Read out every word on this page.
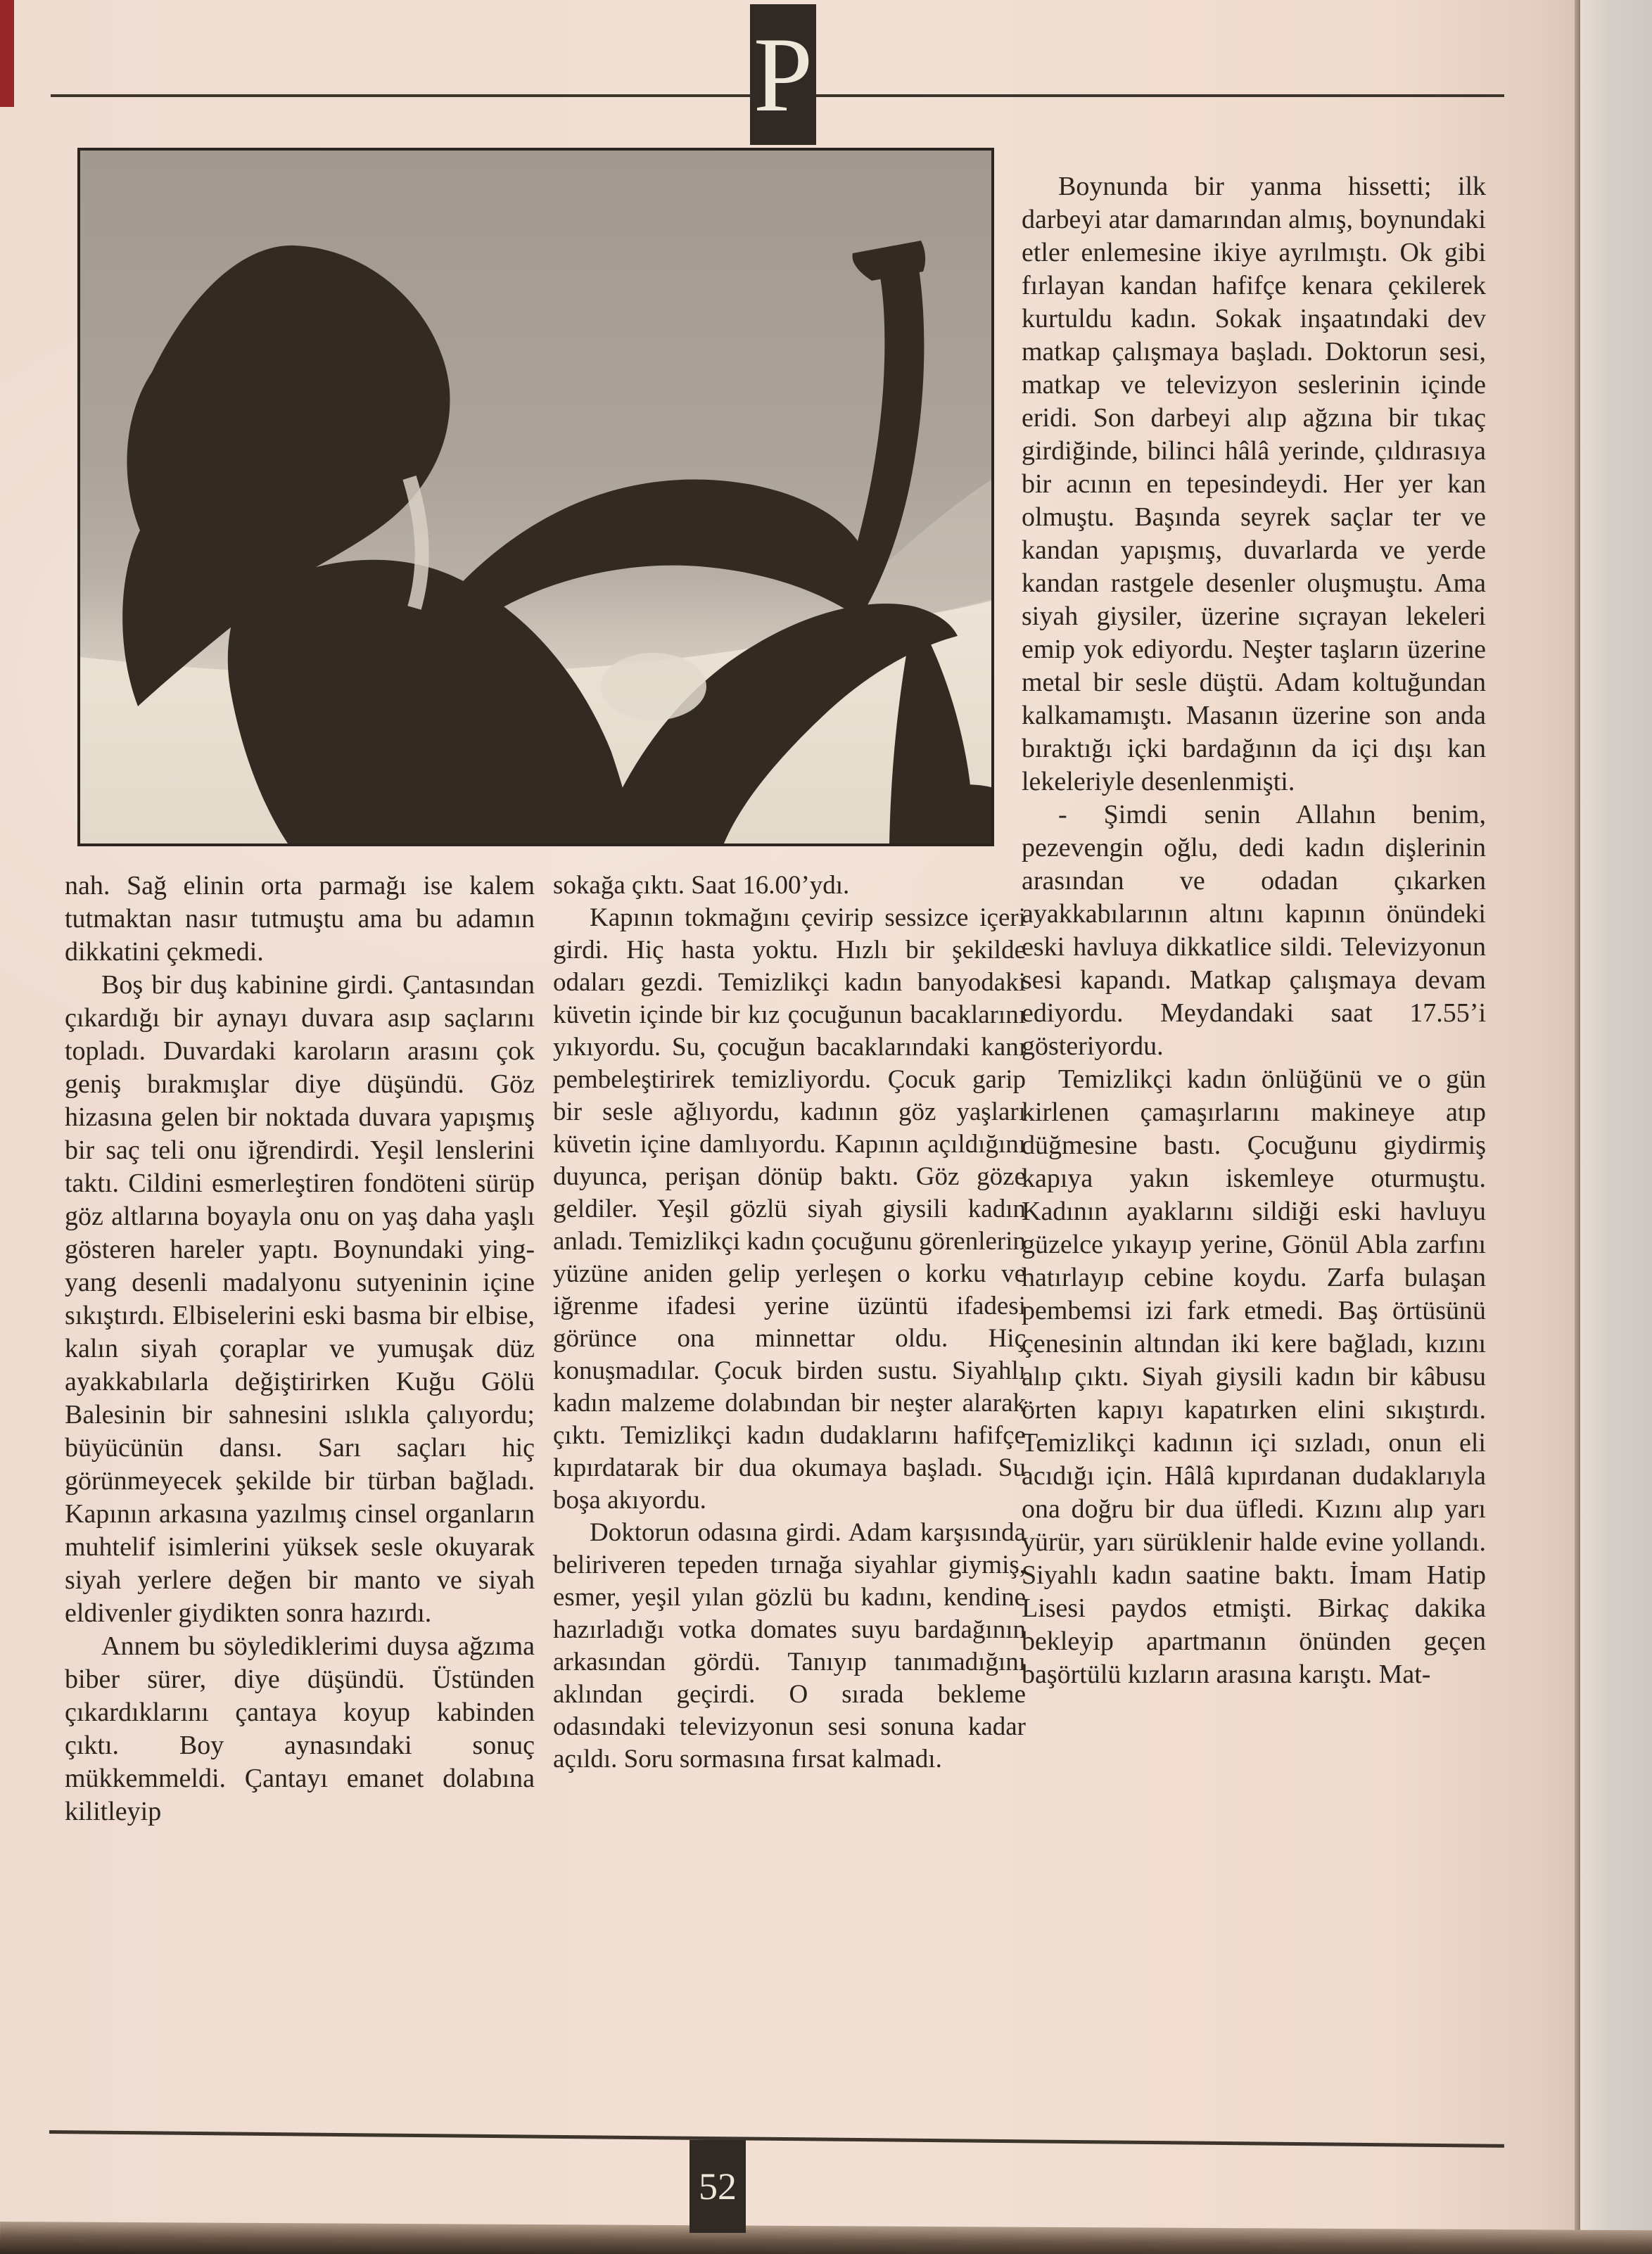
P

nah. Sağ elinin orta parmağı ise kalem tutmaktan nasır tutmuştu ama bu adamın dikkatini çekmedi.

Boş bir duş kabinine girdi. Çantasından çıkardığı bir aynayı duvara asıp saçlarını topladı. Duvardaki karoların arasını çok geniş bırakmışlar diye düşündü. Göz hizasına gelen bir noktada duvara yapışmış bir saç teli onu iğrendirdi. Yeşil lenslerini taktı. Cildini esmerleştiren fondöteni sürüp göz altlarına boyayla onu on yaş daha yaşlı gösteren hareler yaptı. Boynundaki ying-yang desenli madalyonu sutyeninin içine sıkıştırdı. Elbiselerini eski basma bir elbise, kalın siyah çoraplar ve yumuşak düz ayakkabılarla değiştirirken Kuğu Gölü Balesinin bir sahnesini ıslıkla çalıyordu; büyücünün dansı. Sarı saçları hiç görünmeyecek şekilde bir türban bağladı. Kapının arkasına yazılmış cinsel organların muhtelif isimlerini yüksek sesle okuyarak siyah yerlere değen bir manto ve siyah eldivenler giydikten sonra hazırdı.

Annem bu söylediklerimi duysa ağzıma biber sürer, diye düşündü. Üstünden çıkardıklarını çantaya koyup kabinden çıktı. Boy aynasındaki sonuç mükkemmeldi. Çantayı emanet dolabına kilitleyip

sokağa çıktı. Saat 16.00’ydı.

Kapının tokmağını çevirip sessizce içeri girdi. Hiç hasta yoktu. Hızlı bir şekilde odaları gezdi. Temizlikçi kadın banyodaki küvetin içinde bir kız çocuğunun bacaklarını yıkıyordu. Su, çocuğun bacaklarındaki kanı pembeleştirirek temizliyordu. Çocuk garip bir sesle ağlıyordu, kadının göz yaşları küvetin içine damlıyordu. Kapının açıldığını duyunca, perişan dönüp baktı. Göz göze geldiler. Yeşil gözlü siyah giysili kadın anladı. Temizlikçi kadın çocuğunu görenlerin yüzüne aniden gelip yerleşen o korku ve iğrenme ifadesi yerine üzüntü ifadesi görünce ona minnettar oldu. Hiç konuşmadılar. Çocuk birden sustu. Siyahlı kadın malzeme dolabından bir neşter alarak çıktı. Temizlikçi kadın dudaklarını hafifçe kıpırdatarak bir dua okumaya başladı. Su boşa akıyordu.

Doktorun odasına girdi. Adam karşısında beliriveren tepeden tırnağa siyahlar giymiş, esmer, yeşil yılan gözlü bu kadını, kendine hazırladığı votka domates suyu bardağının arkasından gördü. Tanıyıp tanımadığını aklından geçirdi. O sırada bekleme odasındaki televizyonun sesi sonuna kadar açıldı. Soru sormasına fırsat kalmadı.

Boynunda bir yanma hissetti; ilk darbeyi atar damarından almış, boynundaki etler enlemesine ikiye ayrılmıştı. Ok gibi fırlayan kandan hafifçe kenara çekilerek kurtuldu kadın. Sokak inşaatındaki dev matkap çalışmaya başladı. Doktorun sesi, matkap ve televizyon seslerinin içinde eridi. Son darbeyi alıp ağzına bir tıkaç girdiğinde, bilinci hâlâ yerinde, çıldırasıya bir acının en tepesindeydi. Her yer kan olmuştu. Başında seyrek saçlar ter ve kandan yapışmış, duvarlarda ve yerde kandan rastgele desenler oluşmuştu. Ama siyah giysiler, üzerine sıçrayan lekeleri emip yok ediyordu. Neşter taşların üzerine metal bir sesle düştü. Adam koltuğundan kalkamamıştı. Masanın üzerine son anda bıraktığı içki bardağının da içi dışı kan lekeleriyle desenlenmişti.

- Şimdi senin Allahın benim, pezevengin oğlu, dedi kadın dişlerinin arasından ve odadan çıkarken ayakkabılarının altını kapının önündeki eski havluya dikkatlice sildi. Televizyonun sesi kapandı. Matkap çalışmaya devam ediyordu. Meydandaki saat 17.55’i gösteriyordu.

Temizlikçi kadın önlüğünü ve o gün kirlenen çamaşırlarını makineye atıp düğmesine bastı. Çocuğunu giydirmiş kapıya yakın iskemleye oturmuştu. Kadının ayaklarını sildiği eski havluyu güzelce yıkayıp yerine, Gönül Abla zarfını hatırlayıp cebine koydu. Zarfa bulaşan pembemsi izi fark etmedi. Baş örtüsünü çenesinin altından iki kere bağladı, kızını alıp çıktı. Siyah giysili kadın bir kâbusu örten kapıyı kapatırken elini sıkıştırdı. Temizlikçi kadının içi sızladı, onun eli acıdığı için. Hâlâ kıpırdanan dudaklarıyla ona doğru bir dua üfledi. Kızını alıp yarı yürür, yarı sürüklenir halde evine yollandı. Siyahlı kadın saatine baktı. İmam Hatip Lisesi paydos etmişti. Birkaç dakika bekleyip apartmanın önünden geçen başörtülü kızların arasına karıştı. Mat-

52
